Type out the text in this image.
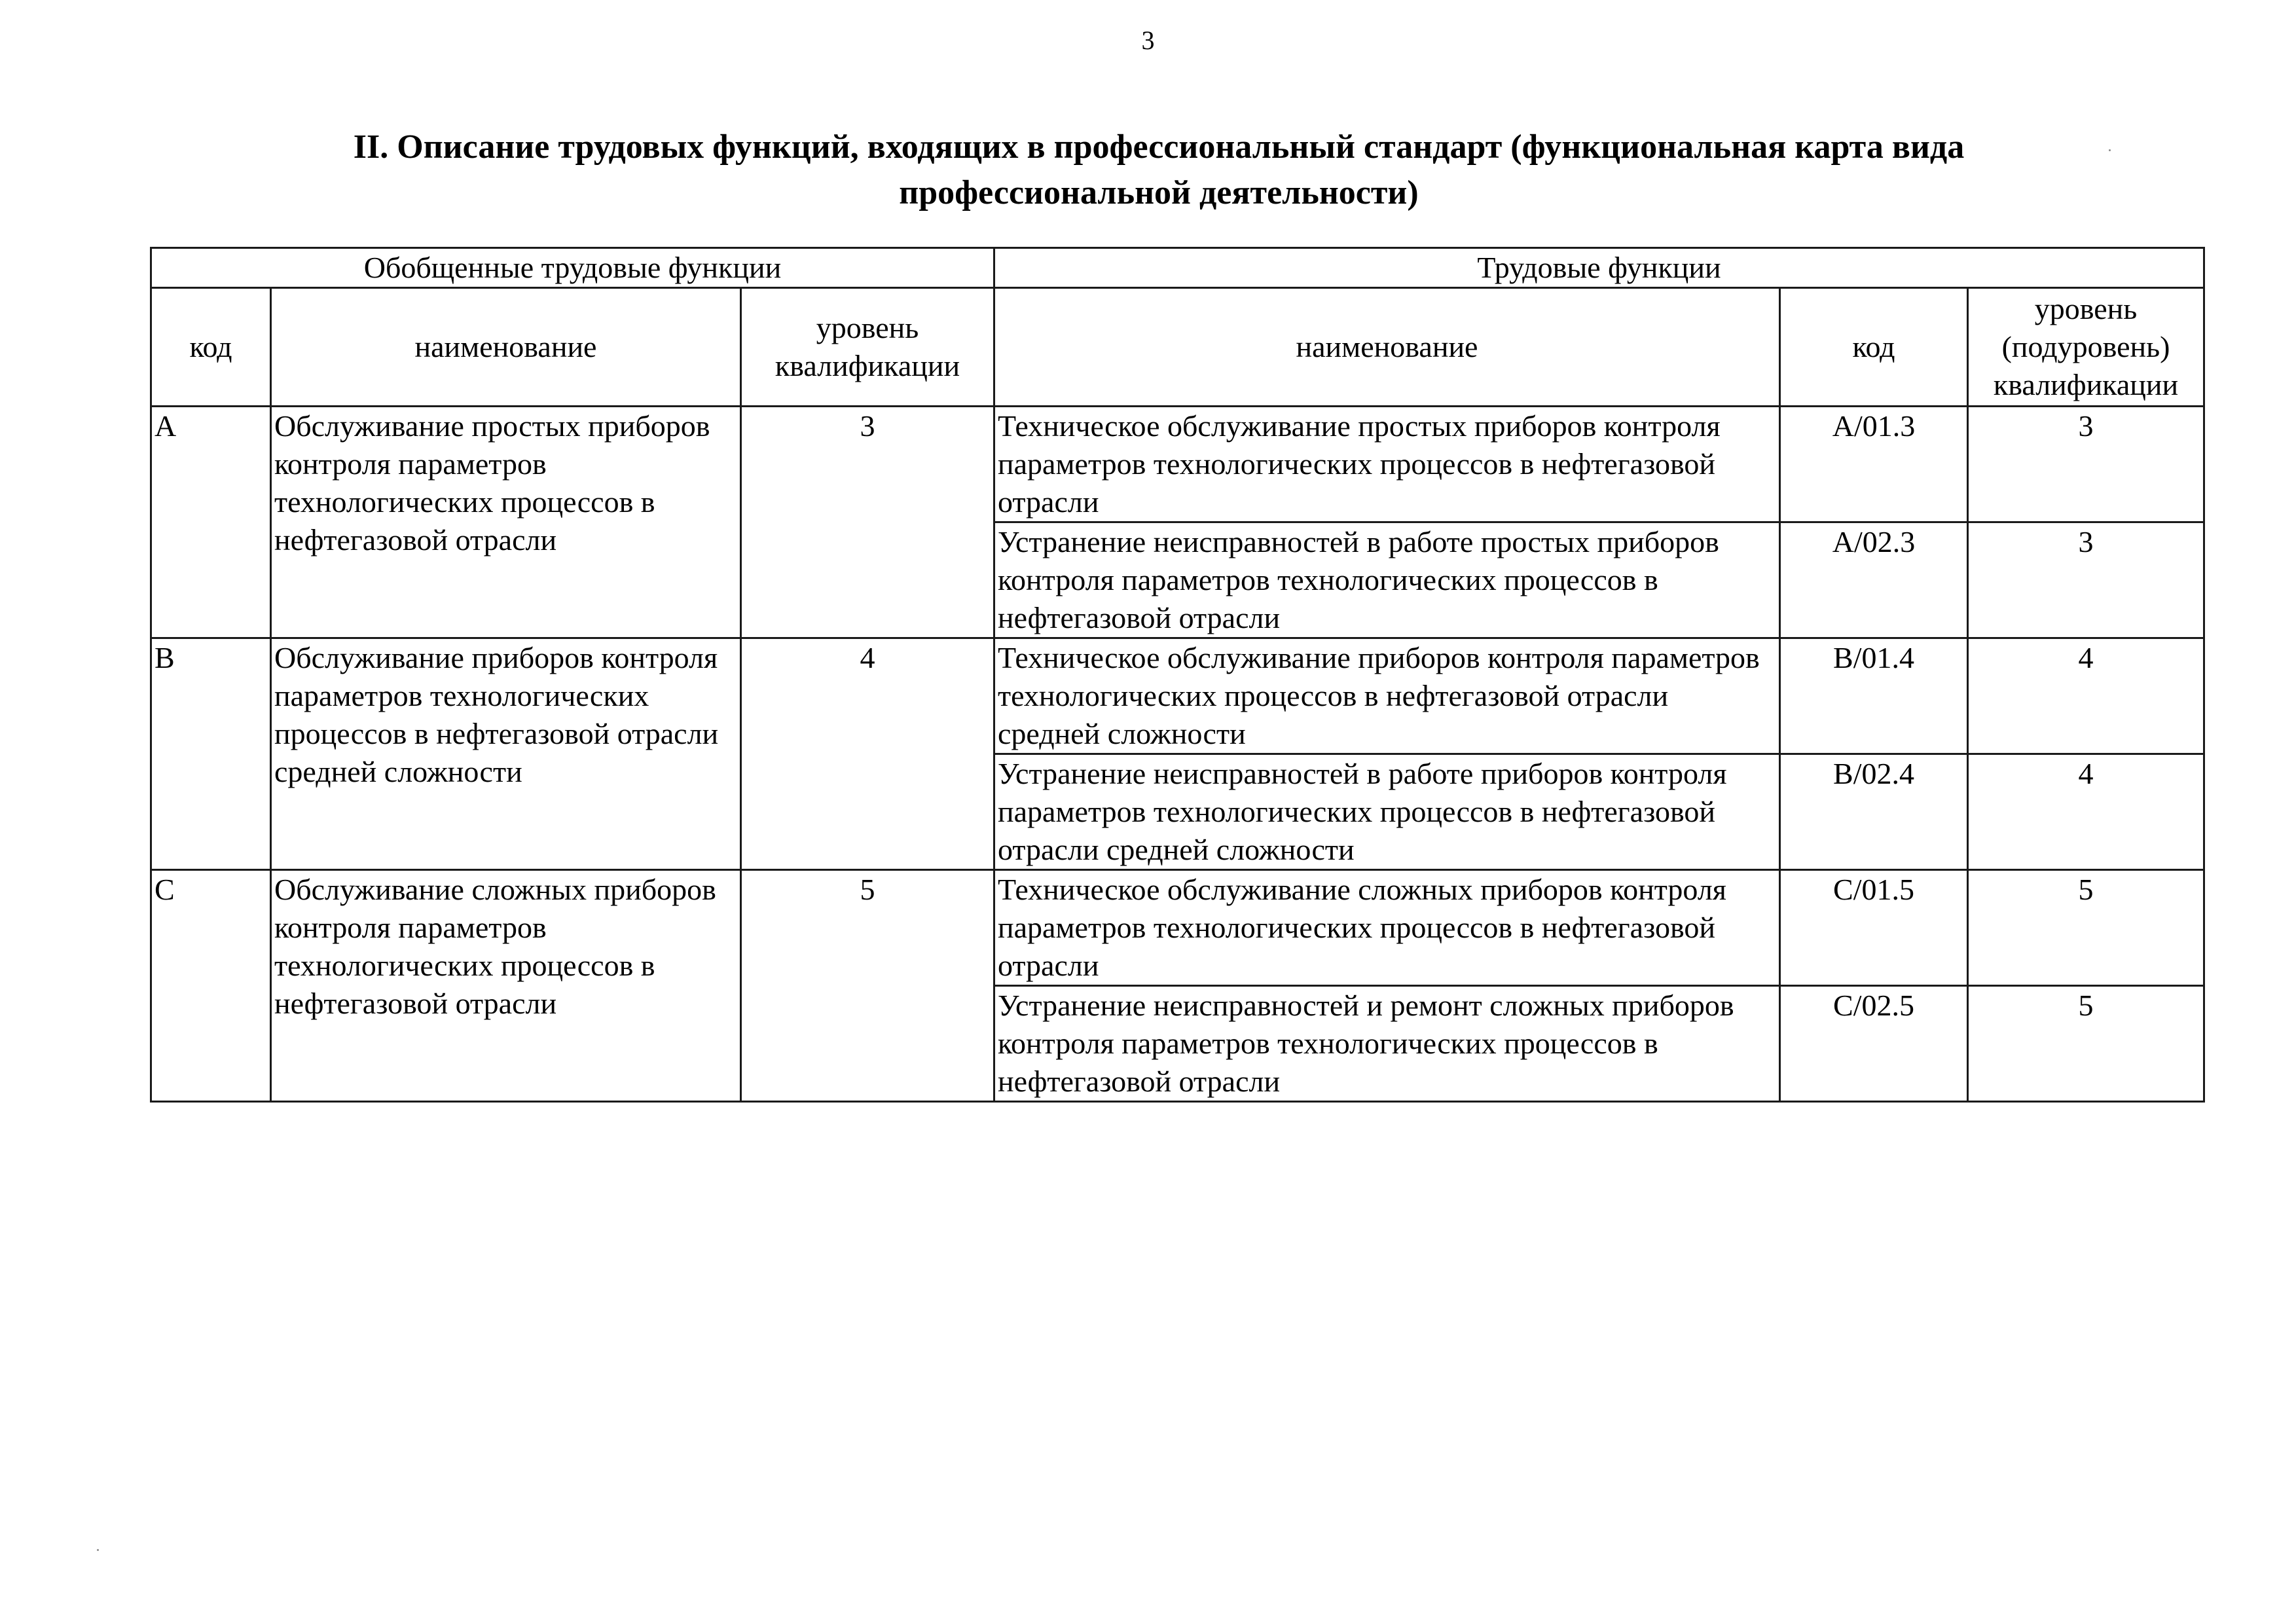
3
II. Описание трудовых функций, входящих в профессиональный стандарт (функциональная карта вида
профессиональной деятельности)
Обобщенные трудовые функции			Трудовые функции		
код	наименование	уровень квалификации	наименование	код	уровень (подуровень) квалификации
A	Обслуживание простых приборов контроля параметров технологических процессов в нефтегазовой отрасли	3	Техническое обслуживание простых приборов контроля параметров технологических процессов в нефтегазовой отрасли	A/01.3	3
			Устранение неисправностей в работе простых приборов контроля параметров технологических процессов в нефтегазовой отрасли	A/02.3	3
B	Обслуживание приборов контроля параметров технологических процессов в нефтегазовой отрасли средней сложности	4	Техническое обслуживание приборов контроля параметров технологических процессов в нефтегазовой отрасли средней сложности	B/01.4	4
			Устранение неисправностей в работе приборов контроля параметров технологических процессов в нефтегазовой отрасли средней сложности	B/02.4	4
C	Обслуживание сложных приборов контроля параметров технологических процессов в нефтегазовой отрасли	5	Техническое обслуживание сложных приборов контроля параметров технологических процессов в нефтегазовой отрасли	C/01.5	5
			Устранение неисправностей и ремонт сложных приборов контроля параметров технологических процессов в нефтегазовой отрасли	C/02.5	5
